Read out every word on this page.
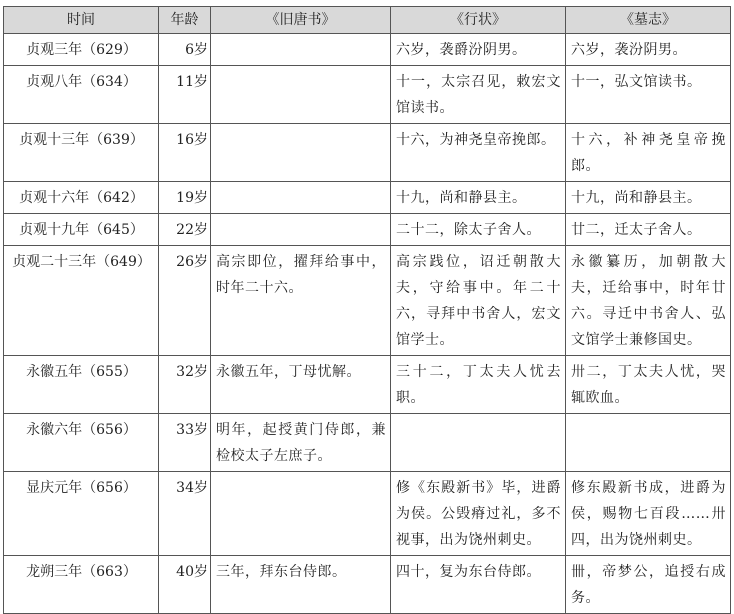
时间	年龄	《旧唐书》	《行状》	《墓志》
贞观三年（629）	6岁		六岁，袭爵汾阴男。	六岁，袭汾阴男。
贞观八年（634）	11岁		十一，太宗召见，敕宏文馆读书。	十一，弘文馆读书。
贞观十三年（639）	16岁		十六，为神尧皇帝挽郎。	十六，补神尧皇帝挽郎。
贞观十六年（642）	19岁		十九，尚和静县主。	十九，尚和静县主。
贞观十九年（645）	22岁		二十二，除太子舍人。	廿二，迁太子舍人。
贞观二十三年（649）	26岁	高宗即位，擢拜给事中，时年二十六。	高宗践位，诏迁朝散大夫，守给事中。年二十六，寻拜中书舍人，宏文馆学士。	永徽纂历，加朝散大夫，迁给事中，时年廿六。寻迁中书舍人、弘文馆学士兼修国史。
永徽五年（655）	32岁	永徽五年，丁母忧解。	三十二，丁太夫人忧去职。	卅二，丁太夫人忧，哭辄欧血。
永徽六年（656）	33岁	明年，起授黄门侍郎，兼检校太子左庶子。		
显庆元年（656）	34岁		修《东殿新书》毕，进爵为侯。公毁瘠过礼，多不视事，出为饶州刺史。	修东殿新书成，进爵为侯，赐物七百段……卅四，出为饶州刺史。
龙朔三年（663）	40岁	三年，拜东台侍郎。	四十，复为东台侍郎。	卌，帝梦公，追授右成务。
